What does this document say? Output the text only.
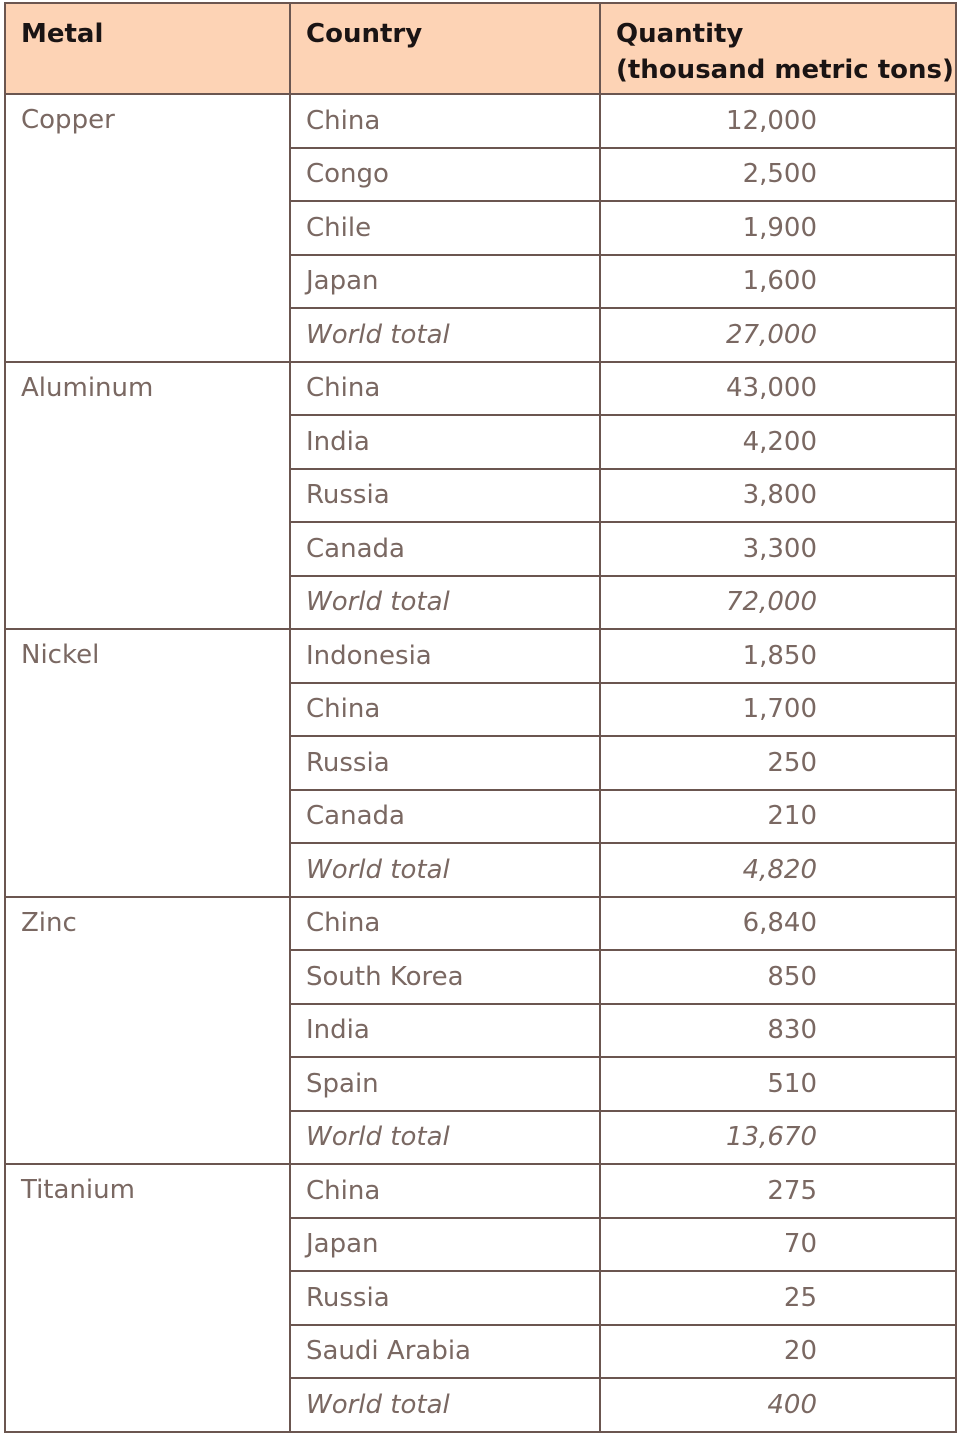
Metal	Country	Quantity
(thousand metric tons)

Copper	China	12,000
	Congo	2,500
	Chile	1,900
	Japan	1,600
	World total	27,000
Aluminum	China	43,000
	India	4,200
	Russia	3,800
	Canada	3,300
	World total	72,000
Nickel	Indonesia	1,850
	China	1,700
	Russia	250
	Canada	210
	World total	4,820
Zinc	China	6,840
	South Korea	850
	India	830
	Spain	510
	World total	13,670
Titanium	China	275
	Japan	70
	Russia	25
	Saudi Arabia	20
	World total	400
